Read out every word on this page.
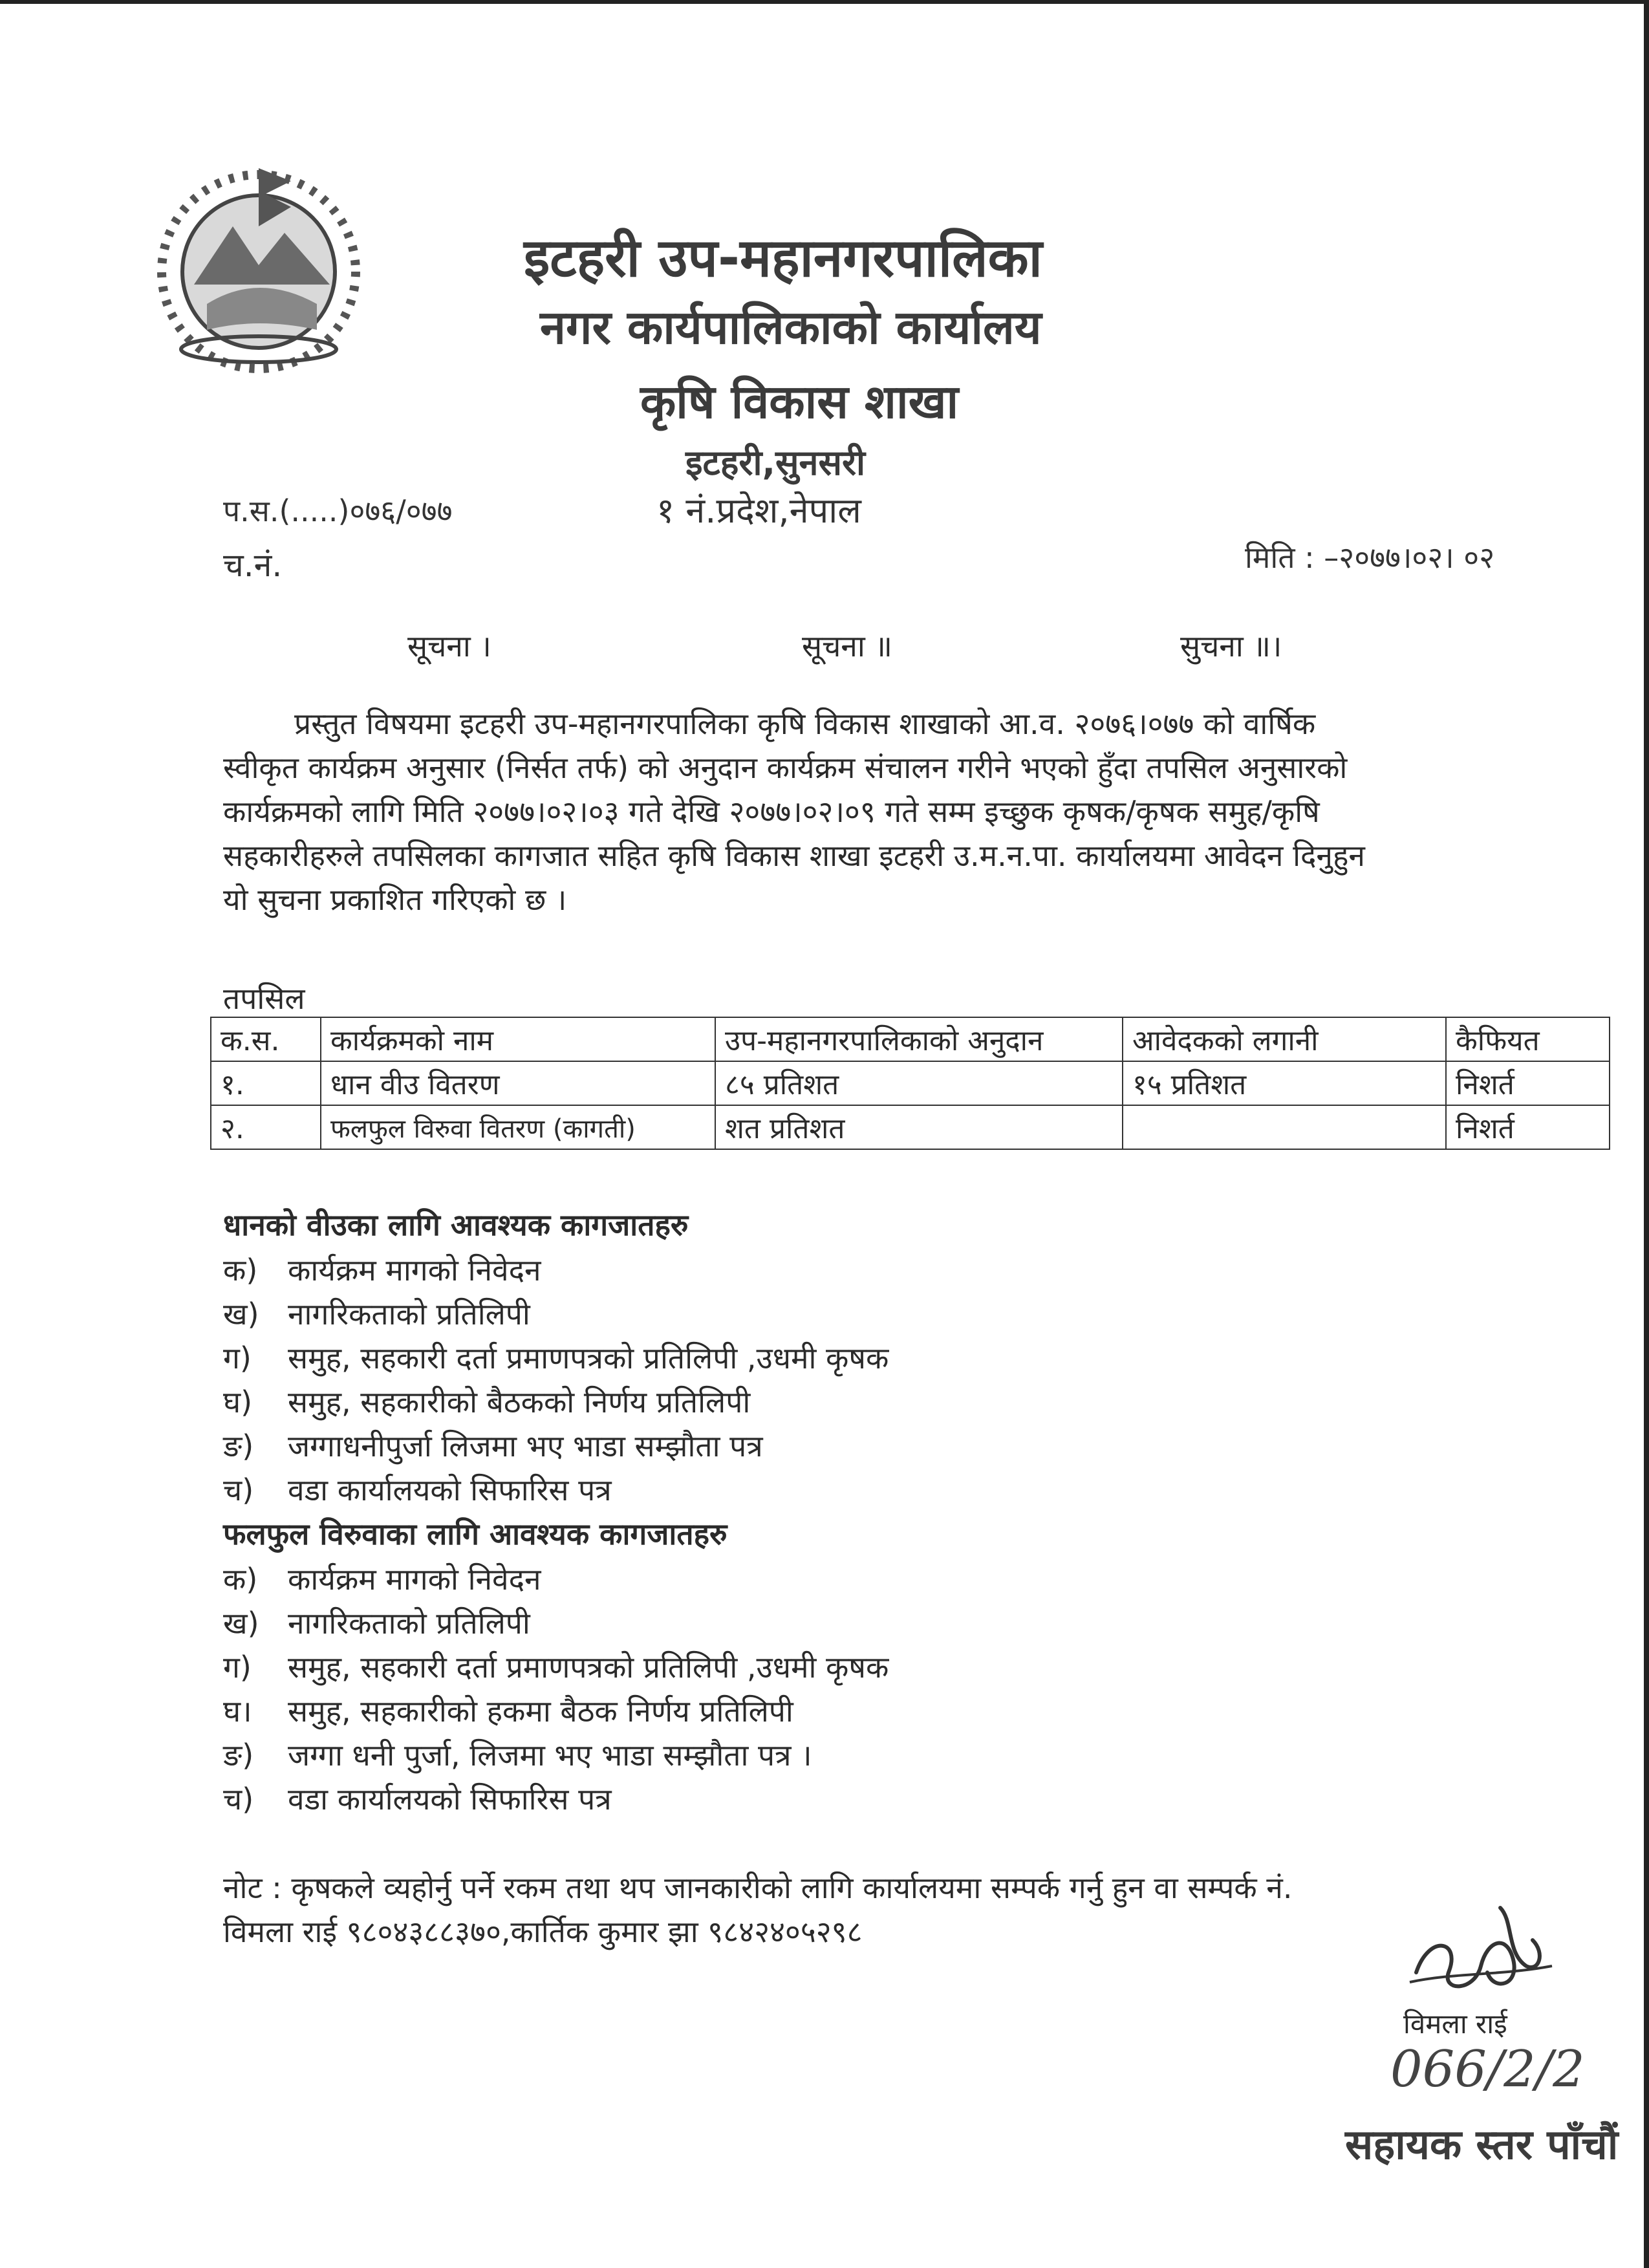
इटहरी उप-महानगरपालिका
नगर कार्यपालिकाको कार्यालय
कृषि विकास शाखा
इटहरी,सुनसरी
१ नं.प्रदेश,नेपाल
प.स.(.....)०७६/०७७
च.नं.	मिति : –२०७७।०२। ०२
सूचना ।	सूचना ॥	सुचना ॥।
प्रस्तुत विषयमा इटहरी उप-महानगरपालिका कृषि विकास शाखाको आ.व. २०७६।०७७ को वार्षिक
स्वीकृत कार्यक्रम अनुसार (निर्सत तर्फ) को अनुदान कार्यक्रम संचालन गरीने भएको हुँदा तपसिल अनुसारको
कार्यक्रमको लागि मिति २०७७।०२।०३ गते देखि २०७७।०२।०९ गते सम्म इच्छुक कृषक/कृषक समुह/कृषि
सहकारीहरुले तपसिलका कागजात सहित कृषि विकास शाखा इटहरी उ.म.न.पा. कार्यालयमा आवेदन दिनुहुन
यो सुचना प्रकाशित गरिएको छ ।
तपसिल
क.स.	कार्यक्रमको नाम	उप-महानगरपालिकाको अनुदान	आवेदकको लगानी	कैफियत
१.	धान वीउ वितरण	८५ प्रतिशत	१५ प्रतिशत	निशर्त
२.	फलफुल विरुवा वितरण (कागती)	शत प्रतिशत		निशर्त
धानको वीउका लागि आवश्यक कागजातहरु
क) कार्यक्रम मागको निवेदन
ख) नागरिकताको प्रतिलिपी
ग) समुह, सहकारी दर्ता प्रमाणपत्रको प्रतिलिपी ,उधमी कृषक
घ) समुह, सहकारीको बैठकको निर्णय प्रतिलिपी
ङ) जग्गाधनीपुर्जा लिजमा भए भाडा सम्झौता पत्र
च) वडा कार्यालयको सिफारिस पत्र
फलफुल विरुवाका लागि आवश्यक कागजातहरु
क) कार्यक्रम मागको निवेदन
ख) नागरिकताको प्रतिलिपी
ग) समुह, सहकारी दर्ता प्रमाणपत्रको प्रतिलिपी ,उधमी कृषक
घ। समुह, सहकारीको हकमा बैठक निर्णय प्रतिलिपी
ङ) जग्गा धनी पुर्जा, लिजमा भए भाडा सम्झौता पत्र ।
च) वडा कार्यालयको सिफारिस पत्र
नोट : कृषकले व्यहोर्नु पर्ने रकम तथा थप जानकारीको लागि कार्यालयमा सम्पर्क गर्नु हुन वा सम्पर्क नं.
विमला राई ९८०४३८८३७०,कार्तिक कुमार झा ९८४२४०५२९८
विमला राई
066/2/2
सहायक स्तर पाँचौं
